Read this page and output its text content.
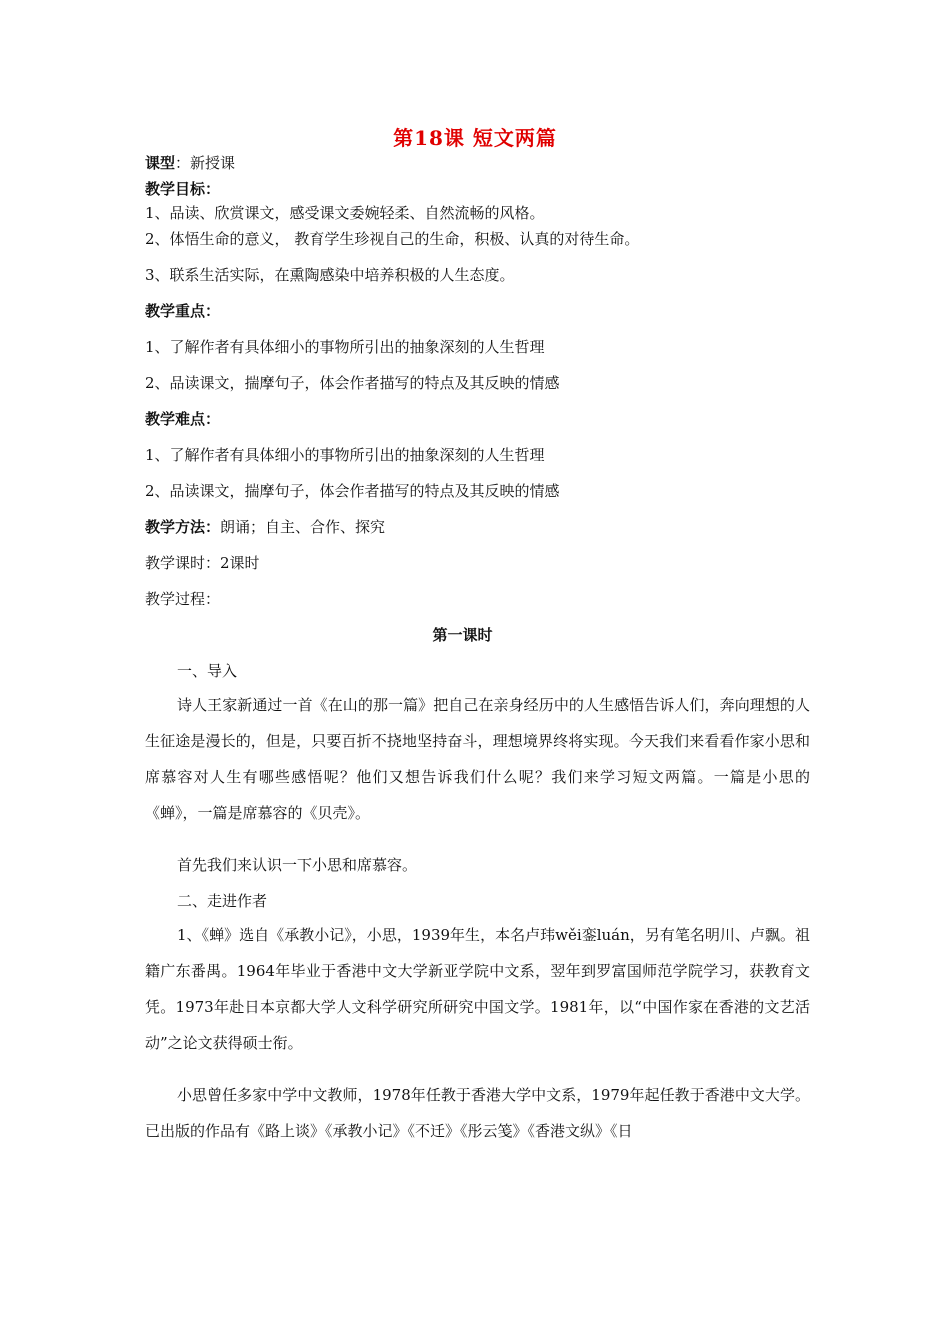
第18课 短文两篇
课型：新授课
教学目标：
1、品读、欣赏课文，感受课文委婉轻柔、自然流畅的风格。
2、体悟生命的意义， 教育学生珍视自己的生命，积极、认真的对待生命。
3、联系生活实际，在熏陶感染中培养积极的人生态度。
教学重点：
1、了解作者有具体细小的事物所引出的抽象深刻的人生哲理
2、品读课文，揣摩句子，体会作者描写的特点及其反映的情感
教学难点：
1、了解作者有具体细小的事物所引出的抽象深刻的人生哲理
2、品读课文，揣摩句子，体会作者描写的特点及其反映的情感
教学方法：朗诵；自主、合作、探究
教学课时：2课时
教学过程：
第一课时
一、导入
诗人王家新通过一首《在山的那一篇》把自己在亲身经历中的人生感悟告诉人们，奔向理想的人生征途是漫长的，但是，只要百折不挠地坚持奋斗，理想境界终将实现。今天我们来看看作家小思和席慕容对人生有哪些感悟呢？他们又想告诉我们什么呢？我们来学习短文两篇。一篇是小思的《蝉》，一篇是席慕容的《贝壳》。
首先我们来认识一下小思和席慕容。
二、走进作者
1、《蝉》选自《承教小记》，小思，1939年生，本名卢玮wěi銮luán，另有笔名明川、卢飘。祖籍广东番禺。1964年毕业于香港中文大学新亚学院中文系，翌年到罗富国师范学院学习，获教育文凭。1973年赴日本京都大学人文科学研究所研究中国文学。1981年，以“中国作家在香港的文艺活动”之论文获得硕士衔。
小思曾任多家中学中文教师，1978年任教于香港大学中文系，1979年起任教于香港中文大学。已出版的作品有《路上谈》《承教小记》《不迁》《彤云笺》《香港文纵》《日
